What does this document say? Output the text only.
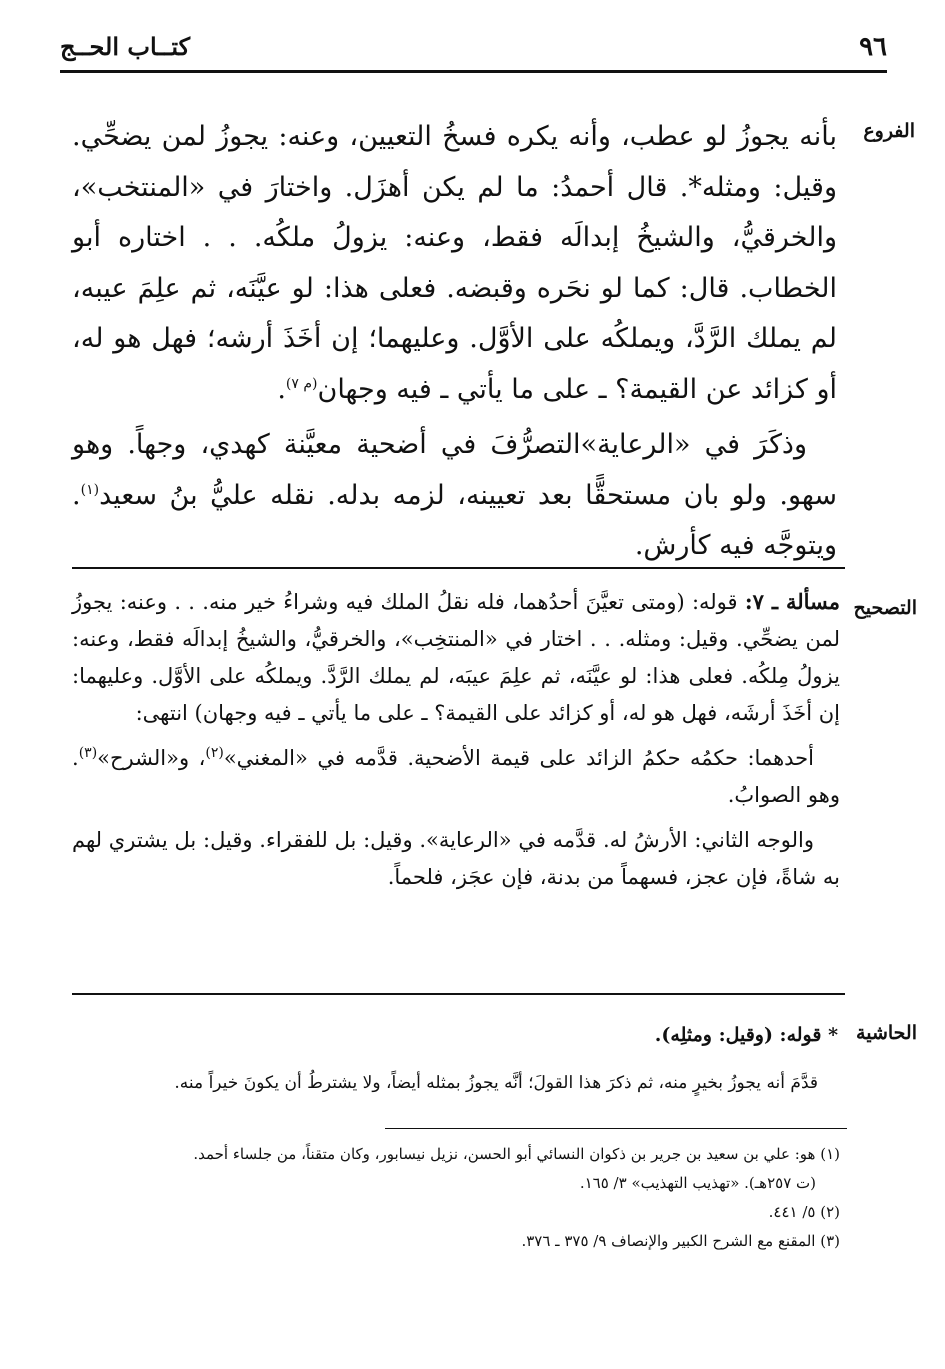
٩٦
كتــاب الحــج
الفروع

بأنه يجوزُ لو عطب، وأنه يكره فسخُ التعيين، وعنه: يجوزُ لمن يضحِّي. وقيل: ومثله*. قال أحمدُ: ما لم يكن أهزَل. واختارَ في «المنتخب»، والخرقيُّ، والشيخُ إبدالَه فقط، وعنه: يزولُ ملكُه. . . اختاره أبو الخطاب. قال: كما لو نحَره وقبضه. فعلى هذا: لو عيَّنَه، ثم علِمَ عيبه، لم يملك الرَّدَّ، ويملكُه على الأوَّل. وعليهما؛ إن أخَذَ أرشه؛ فهل هو له، أو كزائد عن القيمة؟ ـ على ما يأتي ـ فيه وجهان$^{(م ٧)}$.

وذكَرَ في «الرعاية»التصرُّفَ في أضحية معيَّنة كهدي، وجهاً. وهو سهو. ولو بان مستحقًّا بعد تعيينه، لزمه بدله. نقله عليُّ بنُ سعيد$^{(١)}$. ويتوجَّه فيه كأرش.

التصحيح

مسألة ـ ٧: قوله: (ومتى تعيَّنَ أحدُهما، فله نقلُ الملك فيه وشراءُ خير منه. . . وعنه: يجوزُ لمن يضحِّي. وقيل: ومثله. . . اختار في «المنتخِب»، والخرقيُّ، والشيخُ إبدالَه فقط، وعنه: يزولُ مِلكُه. فعلى هذا: لو عيَّنَه، ثم علِمَ عيبَه، لم يملك الرَّدَّ. ويملكُه على الأوَّل. وعليهما: إن أخَذَ أرشَه، فهل هو له، أو كزائد على القيمة؟ ـ على ما يأتي ـ فيه وجهان) انتهى:

أحدهما: حكمُه حكمُ الزائد على قيمة الأضحية. قدَّمه في «المغني»$^{(٢)}$، و«الشرح»$^{(٣)}$. وهو الصوابُ.

والوجه الثاني: الأرشُ له. قدَّمه في «الرعاية». وقيل: بل للفقراء. وقيل: بل يشتري لهم به شاةً، فإن عجز، فسهماً من بدنة، فإن عجَز، فلحماً.

الحاشية

* قوله: (وقيل: ومثلِه).

قدَّمَ أنه يجوزُ بخيرٍ منه، ثم ذكرَ هذا القولَ؛ أنَّه يجوزُ بمثله أيضاً، ولا يشترطُ أن يكونَ خيراً منه.

(١) هو: علي بن سعيد بن جرير بن ذكوان النسائي أبو الحسن، نزيل نيسابور، وكان متقناً، من جلساء أحمد.

(ت ٢٥٧هـ). «تهذيب التهذيب» ٣/ ١٦٥.

(٢) ٥/ ٤٤١.

(٣) المقنع مع الشرح الكبير والإنصاف ٩/ ٣٧٥ ـ ٣٧٦.
